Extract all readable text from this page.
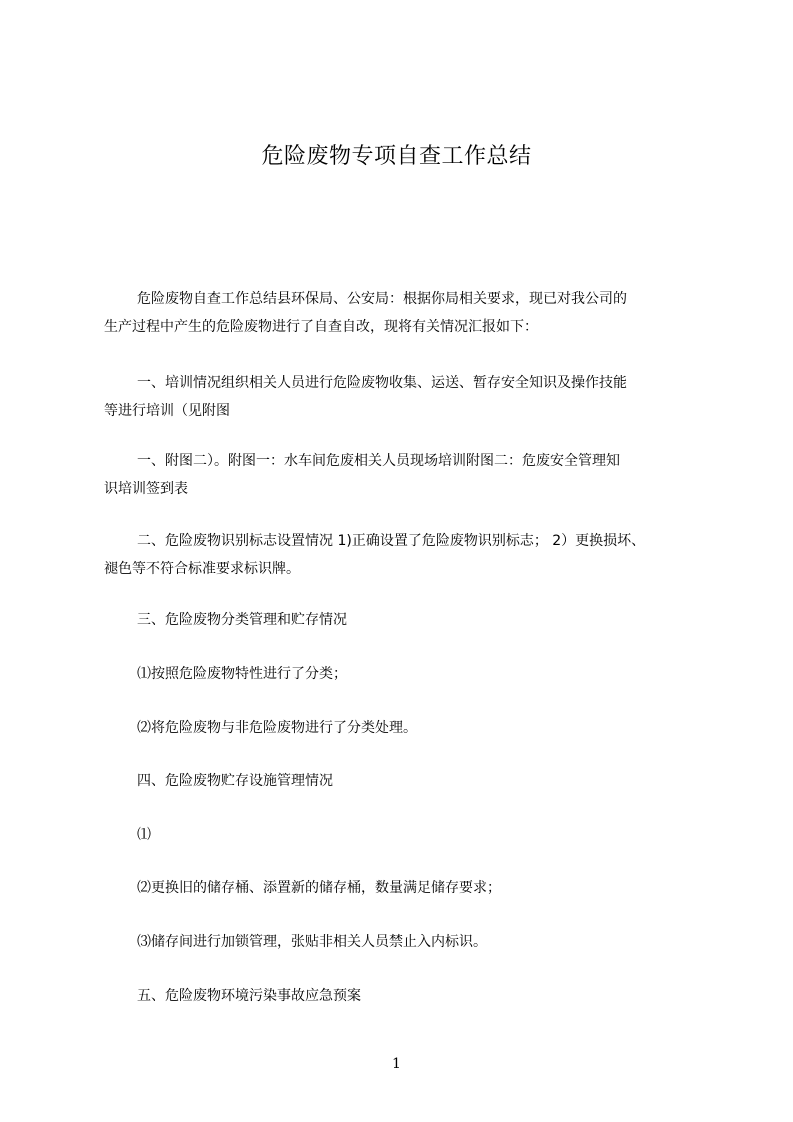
危险废物专项自查工作总结

危险废物自查工作总结县环保局、公安局：根据你局相关要求，现已对我公司的
生产过程中产生的危险废物进行了自查自改，现将有关情况汇报如下：

一、培训情况组织相关人员进行危险废物收集、运送、暂存安全知识及操作技能
等进行培训（见附图

一、附图二）。附图一：水车间危废相关人员现场培训附图二：危废安全管理知
识培训签到表

二、危险废物识别标志设置情况 1)正确设置了危险废物识别标志； 2）更换损坏、
褪色等不符合标准要求标识牌。

三、危险废物分类管理和贮存情况

⑴按照危险废物特性进行了分类；

⑵将危险废物与非危险废物进行了分类处理。

四、危险废物贮存设施管理情况

⑴

⑵更换旧的储存桶、添置新的储存桶，数量满足储存要求；

⑶储存间进行加锁管理，张贴非相关人员禁止入内标识。

五、危险废物环境污染事故应急预案

1
